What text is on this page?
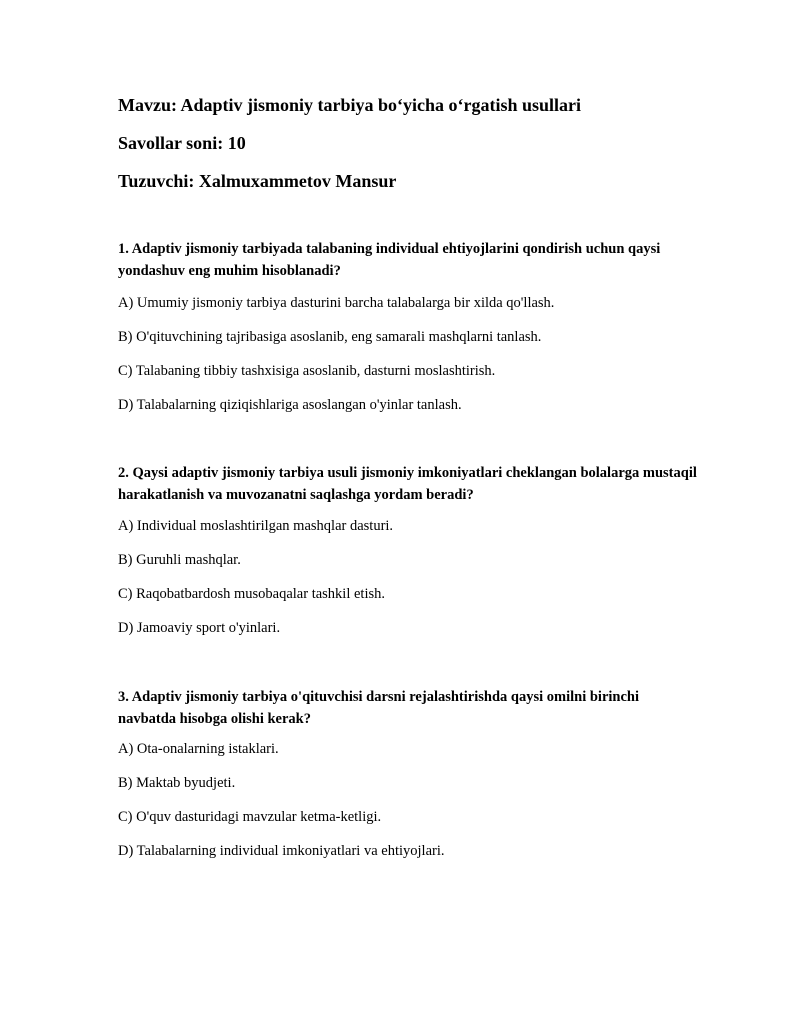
Mavzu: Adaptiv jismoniy tarbiya bo‘yicha o‘rgatish usullari
Savollar soni: 10
Tuzuvchi: Xalmuxammetov Mansur
1. Adaptiv jismoniy tarbiyada talabaning individual ehtiyojlarini qondirish uchun qaysi yondashuv eng muhim hisoblanadi?
A) Umumiy jismoniy tarbiya dasturini barcha talabalarga bir xilda qo'llash.
B) O'qituvchining tajribasiga asoslanib, eng samarali mashqlarni tanlash.
C) Talabaning tibbiy tashxisiga asoslanib, dasturni moslashtirish.
D) Talabalarning qiziqishlariga asoslangan o'yinlar tanlash.
2. Qaysi adaptiv jismoniy tarbiya usuli jismoniy imkoniyatlari cheklangan bolalarga mustaqil harakatlanish va muvozanatni saqlashga yordam beradi?
A) Individual moslashtirilgan mashqlar dasturi.
B) Guruhli mashqlar.
C) Raqobatbardosh musobaqalar tashkil etish.
D) Jamoaviy sport o'yinlari.
3. Adaptiv jismoniy tarbiya o'qituvchisi darsni rejalashtirishda qaysi omilni birinchi navbatda hisobga olishi kerak?
A) Ota-onalarning istaklari.
B) Maktab byudjeti.
C) O'quv dasturidagi mavzular ketma-ketligi.
D) Talabalarning individual imkoniyatlari va ehtiyojlari.
